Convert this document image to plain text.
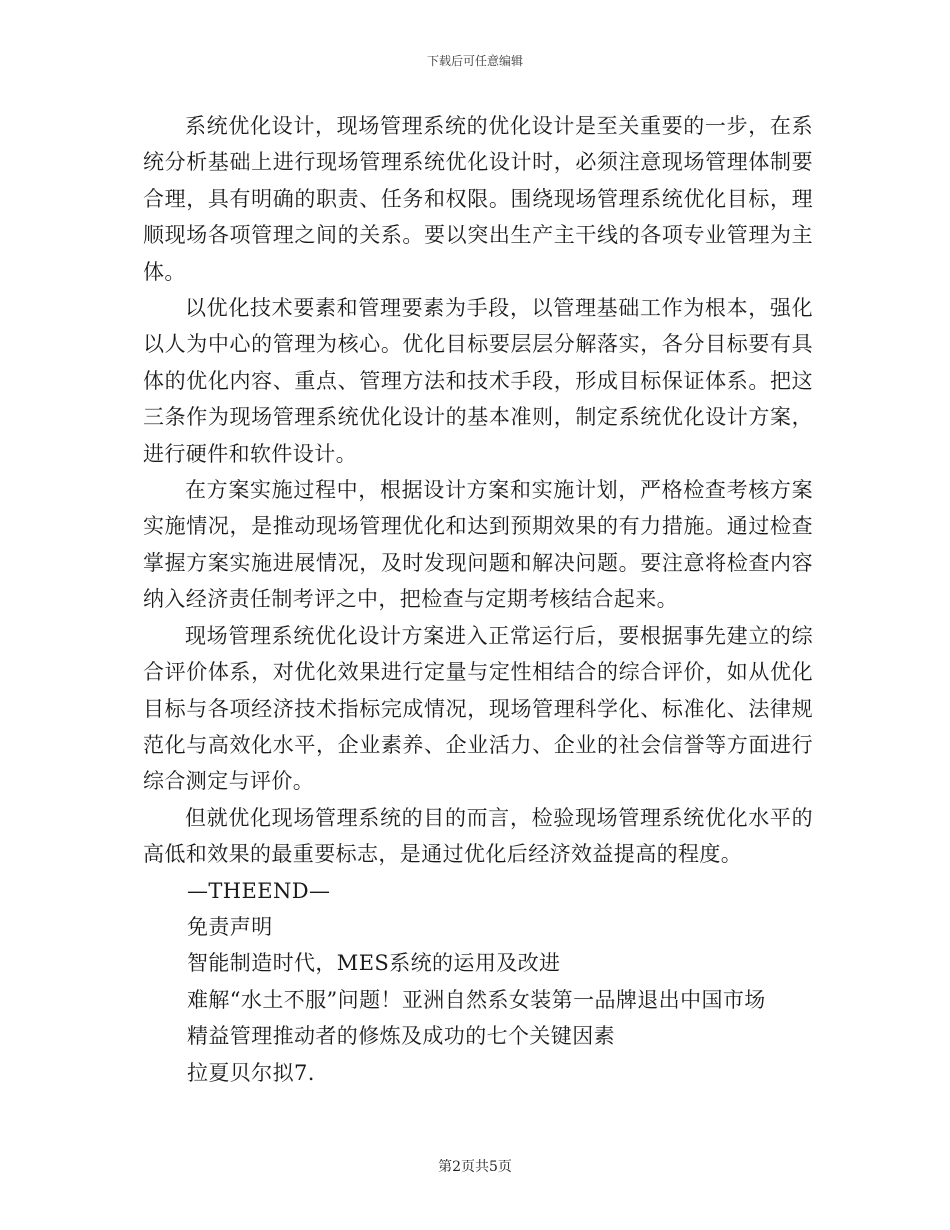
下载后可任意编辑

系统优化设计，现场管理系统的优化设计是至关重要的一步，在系统分析基础上进行现场管理系统优化设计时，必须注意现场管理体制要合理，具有明确的职责、任务和权限。围绕现场管理系统优化目标，理顺现场各项管理之间的关系。要以突出生产主干线的各项专业管理为主体。

以优化技术要素和管理要素为手段，以管理基础工作为根本，强化以人为中心的管理为核心。优化目标要层层分解落实，各分目标要有具体的优化内容、重点、管理方法和技术手段，形成目标保证体系。把这三条作为现场管理系统优化设计的基本准则，制定系统优化设计方案，进行硬件和软件设计。

在方案实施过程中，根据设计方案和实施计划，严格检查考核方案实施情况，是推动现场管理优化和达到预期效果的有力措施。通过检查掌握方案实施进展情况，及时发现问题和解决问题。要注意将检查内容纳入经济责任制考评之中，把检查与定期考核结合起来。

现场管理系统优化设计方案进入正常运行后，要根据事先建立的综合评价体系，对优化效果进行定量与定性相结合的综合评价，如从优化目标与各项经济技术指标完成情况，现场管理科学化、标准化、法律规范化与高效化水平，企业素养、企业活力、企业的社会信誉等方面进行综合测定与评价。

但就优化现场管理系统的目的而言，检验现场管理系统优化水平的高低和效果的最重要标志，是通过优化后经济效益提高的程度。

—THEEND—

免责声明

智能制造时代，MES系统的运用及改进

难解“水土不服”问题！亚洲自然系女装第一品牌退出中国市场

精益管理推动者的修炼及成功的七个关键因素

拉夏贝尔拟7.

第2页共5页
